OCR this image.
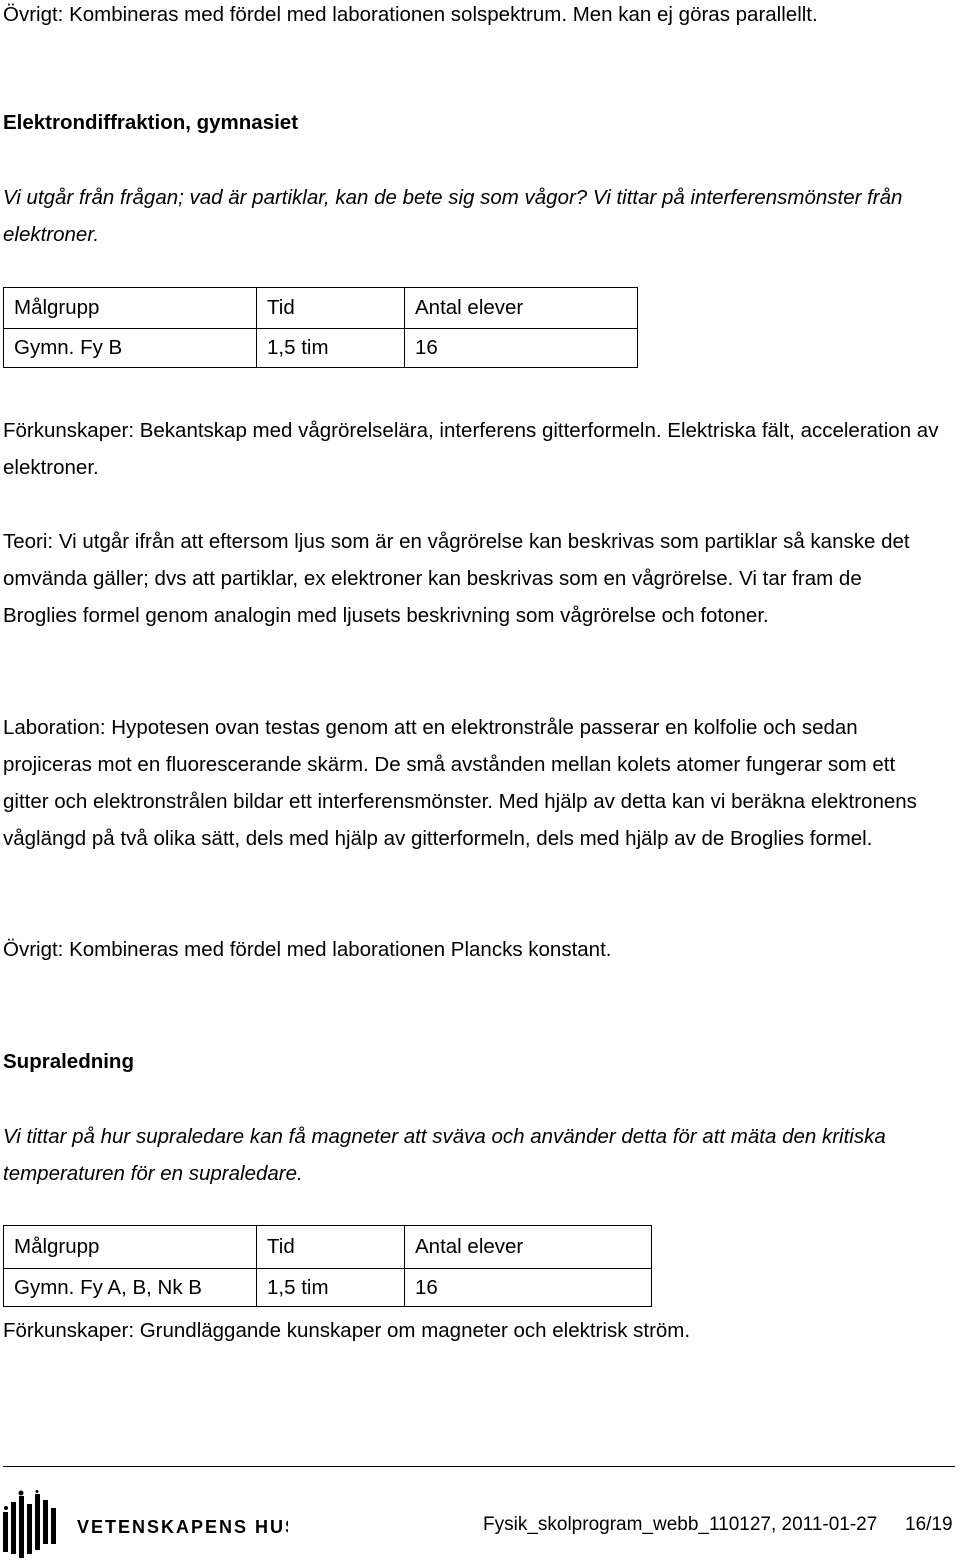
Övrigt: Kombineras med fördel med laborationen solspektrum. Men kan ej göras parallellt.
Elektrondiffraktion, gymnasiet
Vi utgår från frågan; vad är partiklar, kan de bete sig som vågor? Vi tittar på interferensmönster från elektroner.
Målgrupp	Tid	Antal elever
Gymn. Fy B	1,5 tim	16
Förkunskaper: Bekantskap med vågrörelselära, interferens gitterformeln. Elektriska fält, acceleration av elektroner.
Teori: Vi utgår ifrån att eftersom ljus som är en vågrörelse kan beskrivas som partiklar så kanske det omvända gäller; dvs att partiklar, ex elektroner kan beskrivas som en vågrörelse. Vi tar fram de Broglies formel genom analogin med ljusets beskrivning som vågrörelse och fotoner.
Laboration: Hypotesen ovan testas genom att en elektronstråle passerar en kolfolie och sedan projiceras mot en fluorescerande skärm. De små avstånden mellan kolets atomer fungerar som ett gitter och elektronstrålen bildar ett interferensmönster. Med hjälp av detta kan vi beräkna elektronens våglängd på två olika sätt, dels med hjälp av gitterformeln, dels med hjälp av de Broglies formel.
Övrigt: Kombineras med fördel med laborationen Plancks konstant.
Supraledning
Vi tittar på hur supraledare kan få magneter att sväva och använder detta för att mäta den kritiska temperaturen för en supraledare.
Målgrupp	Tid	Antal elever
Gymn. Fy A, B, Nk B	1,5 tim	16
Förkunskaper: Grundläggande kunskaper om magneter och elektrisk ström.
VETENSKAPENS HUS	Fysik_skolprogram_webb_110127, 2011-01-27 16/19
